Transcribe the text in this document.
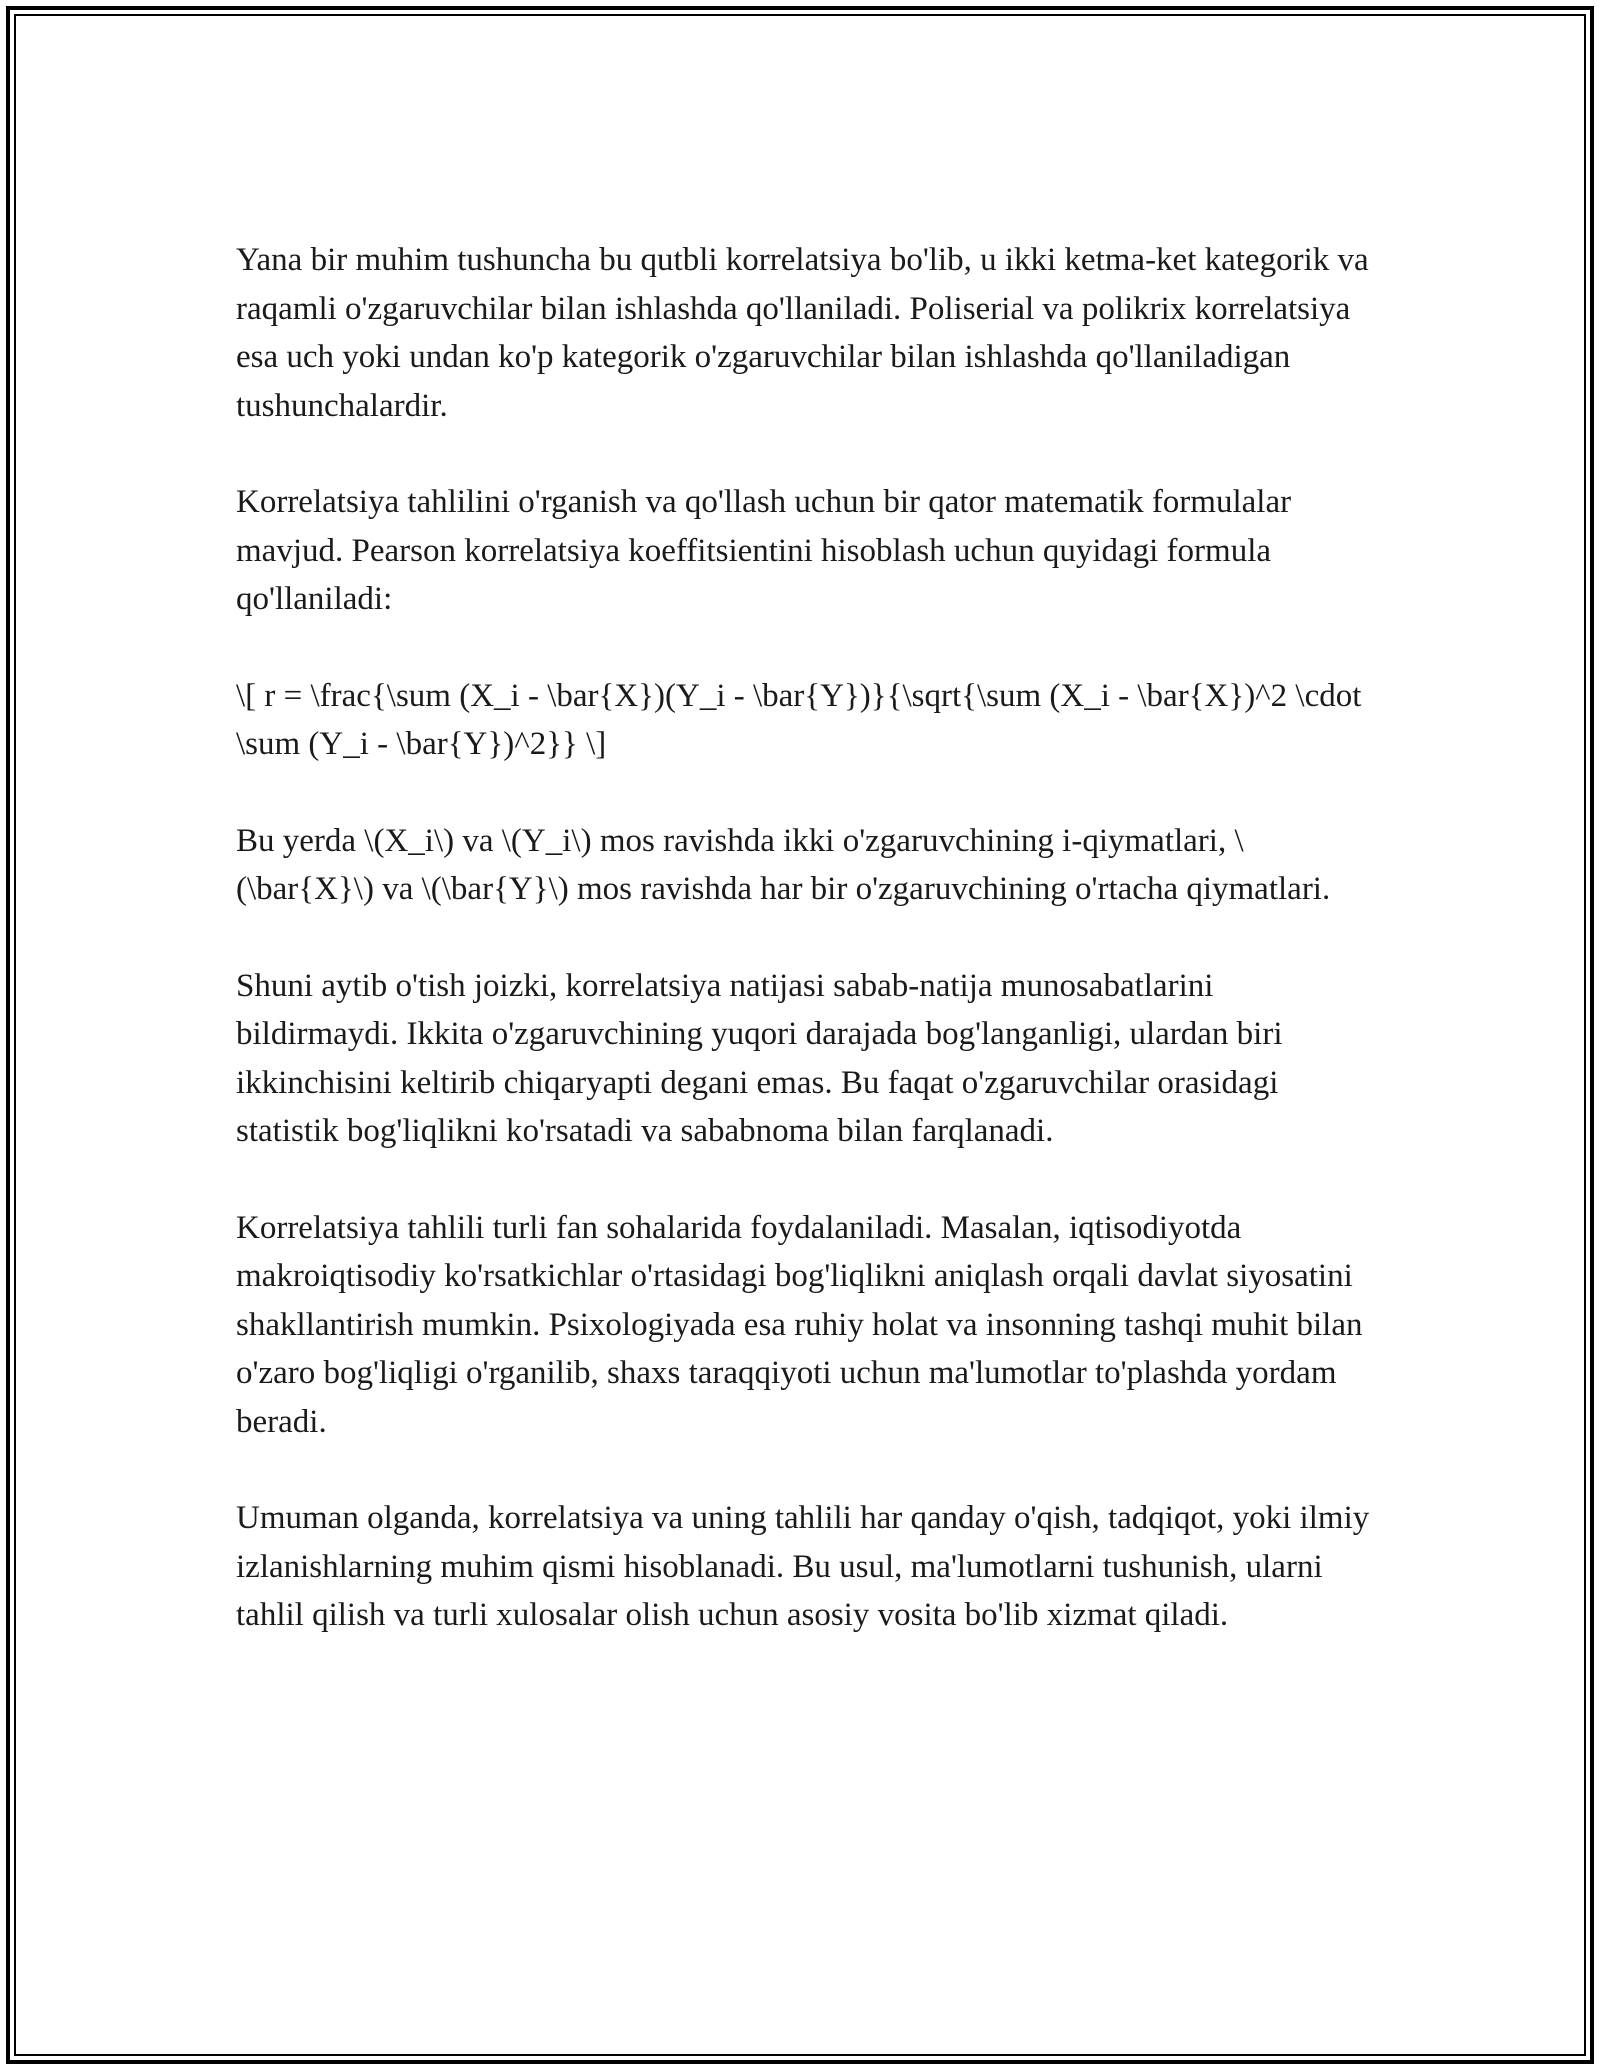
Yana bir muhim tushuncha bu qutbli korrelatsiya bo'lib, u ikki ketma-ket kategorik va raqamli o'zgaruvchilar bilan ishlashda qo'llaniladi. Poliserial va polikrix korrelatsiya esa uch yoki undan ko'p kategorik o'zgaruvchilar bilan ishlashda qo'llaniladigan tushunchalardir.

Korrelatsiya tahlilini o'rganish va qo'llash uchun bir qator matematik formulalar mavjud. Pearson korrelatsiya koeffitsientini hisoblash uchun quyidagi formula qo'llaniladi:

\[ r = \frac{\sum (X_i - \bar{X})(Y_i - \bar{Y})}{\sqrt{\sum (X_i - \bar{X})^2 \cdot \sum (Y_i - \bar{Y})^2}} \]

Bu yerda \(X_i\) va \(Y_i\) mos ravishda ikki o'zgaruvchining i-qiymatlari, \(\bar{X}\) va \(\bar{Y}\) mos ravishda har bir o'zgaruvchining o'rtacha qiymatlari.

Shuni aytib o'tish joizki, korrelatsiya natijasi sabab-natija munosabatlarini bildirmaydi. Ikkita o'zgaruvchining yuqori darajada bog'langanligi, ulardan biri ikkinchisini keltirib chiqaryapti degani emas. Bu faqat o'zgaruvchilar orasidagi statistik bog'liqlikni ko'rsatadi va sababnoma bilan farqlanadi.

Korrelatsiya tahlili turli fan sohalarida foydalaniladi. Masalan, iqtisodiyotda makroiqtisodiy ko'rsatkichlar o'rtasidagi bog'liqlikni aniqlash orqali davlat siyosatini shakllantirish mumkin. Psixologiyada esa ruhiy holat va insonning tashqi muhit bilan o'zaro bog'liqligi o'rganilib, shaxs taraqqiyoti uchun ma'lumotlar to'plashda yordam beradi.

Umuman olganda, korrelatsiya va uning tahlili har qanday o'qish, tadqiqot, yoki ilmiy izlanishlarning muhim qismi hisoblanadi. Bu usul, ma'lumotlarni tushunish, ularni tahlil qilish va turli xulosalar olish uchun asosiy vosita bo'lib xizmat qiladi.
